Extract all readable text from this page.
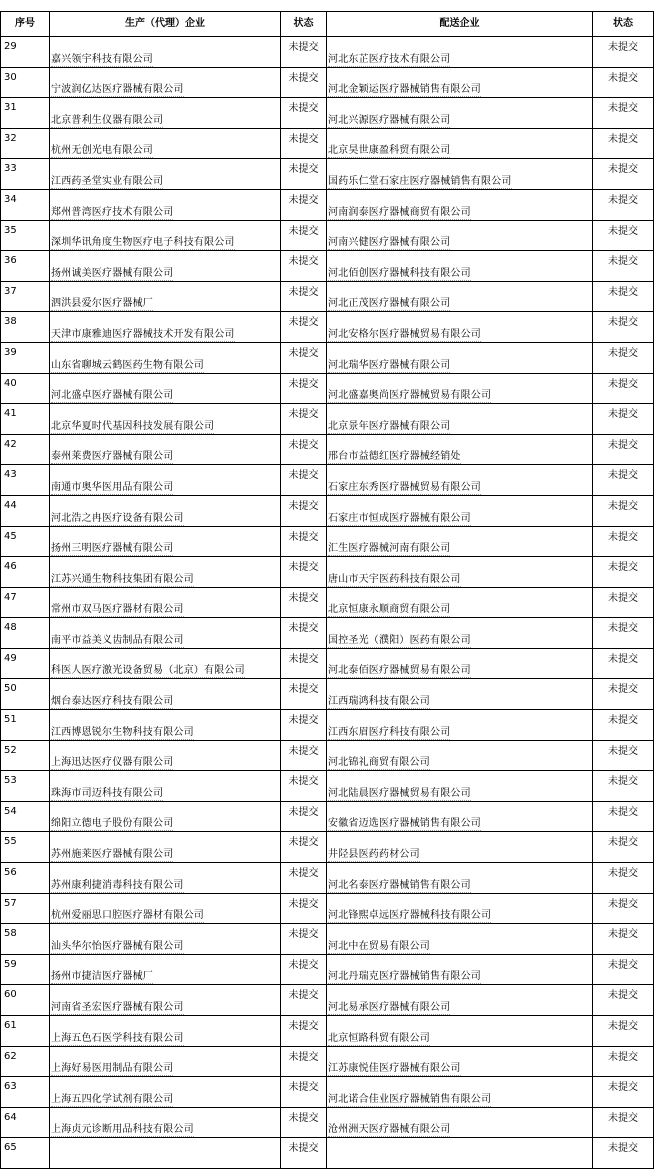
序号	生产（代理）企业	状态	配送企业	状态
29	嘉兴领宇科技有限公司	未提交	河北东芷医疗技术有限公司	未提交
30	宁波润亿达医疗器械有限公司	未提交	河北金颖运医疗器械销售有限公司	未提交
31	北京普利生仪器有限公司	未提交	河北兴源医疗器械有限公司	未提交
32	杭州无创光电有限公司	未提交	北京昊世康盈科贸有限公司	未提交
33	江西药圣堂实业有限公司	未提交	国药乐仁堂石家庄医疗器械销售有限公司	未提交
34	郑州普湾医疗技术有限公司	未提交	河南润泰医疗器械商贸有限公司	未提交
35	深圳华讯角度生物医疗电子科技有限公司	未提交	河南兴健医疗器械有限公司	未提交
36	扬州诚美医疗器械有限公司	未提交	河北佰创医疗器械科技有限公司	未提交
37	泗洪县爱尔医疗器械厂	未提交	河北正茂医疗器械有限公司	未提交
38	天津市康雅迪医疗器械技术开发有限公司	未提交	河北安格尔医疗器械贸易有限公司	未提交
39	山东省聊城云鹤医药生物有限公司	未提交	河北瑞华医疗器械有限公司	未提交
40	河北盛卓医疗器械有限公司	未提交	河北盛嘉奥尚医疗器械贸易有限公司	未提交
41	北京华夏时代基因科技发展有限公司	未提交	北京景年医疗器械有限公司	未提交
42	泰州莱费医疗器械有限公司	未提交	邢台市益德红医疗器械经销处	未提交
43	南通市奥华医用品有限公司	未提交	石家庄东秀医疗器械贸易有限公司	未提交
44	河北浩之冉医疗设备有限公司	未提交	石家庄市恒成医疗器械有限公司	未提交
45	扬州三明医疗器械有限公司	未提交	汇生医疗器械河南有限公司	未提交
46	江苏兴通生物科技集团有限公司	未提交	唐山市天宇医药科技有限公司	未提交
47	常州市双马医疗器材有限公司	未提交	北京恒康永顺商贸有限公司	未提交
48	南平市益美义齿制品有限公司	未提交	国控圣光（濮阳）医药有限公司	未提交
49	科医人医疗激光设备贸易（北京）有限公司	未提交	河北泰佰医疗器械贸易有限公司	未提交
50	烟台泰达医疗科技有限公司	未提交	江西瑞鸿科技有限公司	未提交
51	江西博恩锐尔生物科技有限公司	未提交	江西东眉医疗科技有限公司	未提交
52	上海迅达医疗仪器有限公司	未提交	河北锦礼商贸有限公司	未提交
53	珠海市司迈科技有限公司	未提交	河北陆晨医疗器械贸易有限公司	未提交
54	绵阳立德电子股份有限公司	未提交	安徽省迈选医疗器械销售有限公司	未提交
55	苏州施莱医疗器械有限公司	未提交	井陉县医药药材公司	未提交
56	苏州康利捷消毒科技有限公司	未提交	河北名泰医疗器械销售有限公司	未提交
57	杭州爱丽思口腔医疗器材有限公司	未提交	河北锋熙卓远医疗器械科技有限公司	未提交
58	汕头华尔怡医疗器械有限公司	未提交	河北中在贸易有限公司	未提交
59	扬州市捷洁医疗器械厂	未提交	河北丹瑞克医疗器械销售有限公司	未提交
60	河南省圣宏医疗器械有限公司	未提交	河北易承医疗器械有限公司	未提交
61	上海五色石医学科技有限公司	未提交	北京恒路科贸有限公司	未提交
62	上海好易医用制品有限公司	未提交	江苏康悦佳医疗器械有限公司	未提交
63	上海五四化学试剂有限公司	未提交	河北诺合佳业医疗器械销售有限公司	未提交
64	上海贞元诊断用品科技有限公司	未提交	沧州洲天医疗器械有限公司	未提交
65		未提交		未提交
